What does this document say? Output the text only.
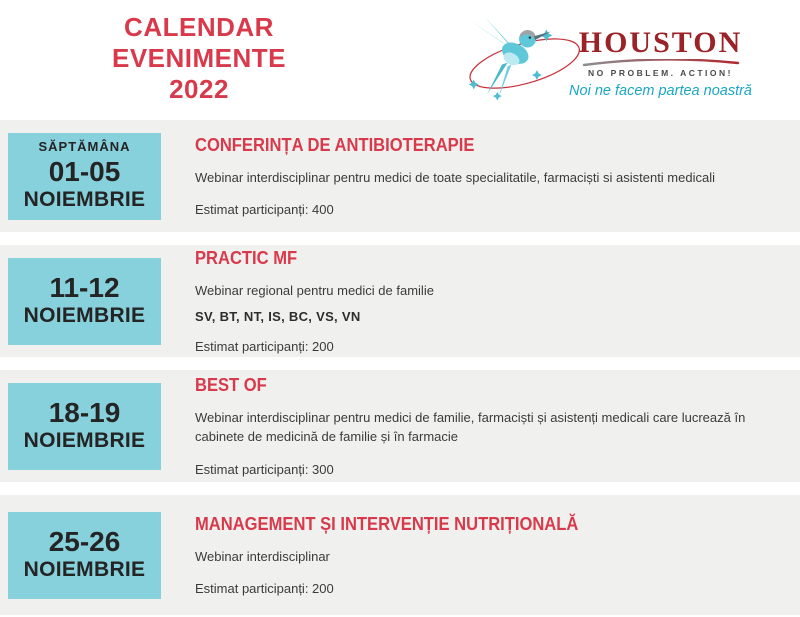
CALENDAR
EVENIMENTE
2022
HOUSTON
NO PROBLEM. ACTION!
Noi ne facem partea noastră
SĂPTĂMÂNA
01-05
NOIEMBRIE
CONFERINȚA DE ANTIBIOTERAPIE

Webinar interdisciplinar pentru medici de toate specialitatile, farmaciști si asistenti medicali

Estimat participanți: 400

11-12
NOIEMBRIE
PRACTIC MF

Webinar regional pentru medici de familie

SV, BT, NT, IS, BC, VS, VN

Estimat participanți: 200

18-19
NOIEMBRIE
BEST OF

Webinar interdisciplinar pentru medici de familie, farmaciști și asistenți medicali care lucrează în cabinete de medicină de familie și în farmacie

Estimat participanți: 300

25-26
NOIEMBRIE
MANAGEMENT ȘI INTERVENȚIE NUTRIȚIONALĂ

Webinar interdisciplinar

Estimat participanți: 200
